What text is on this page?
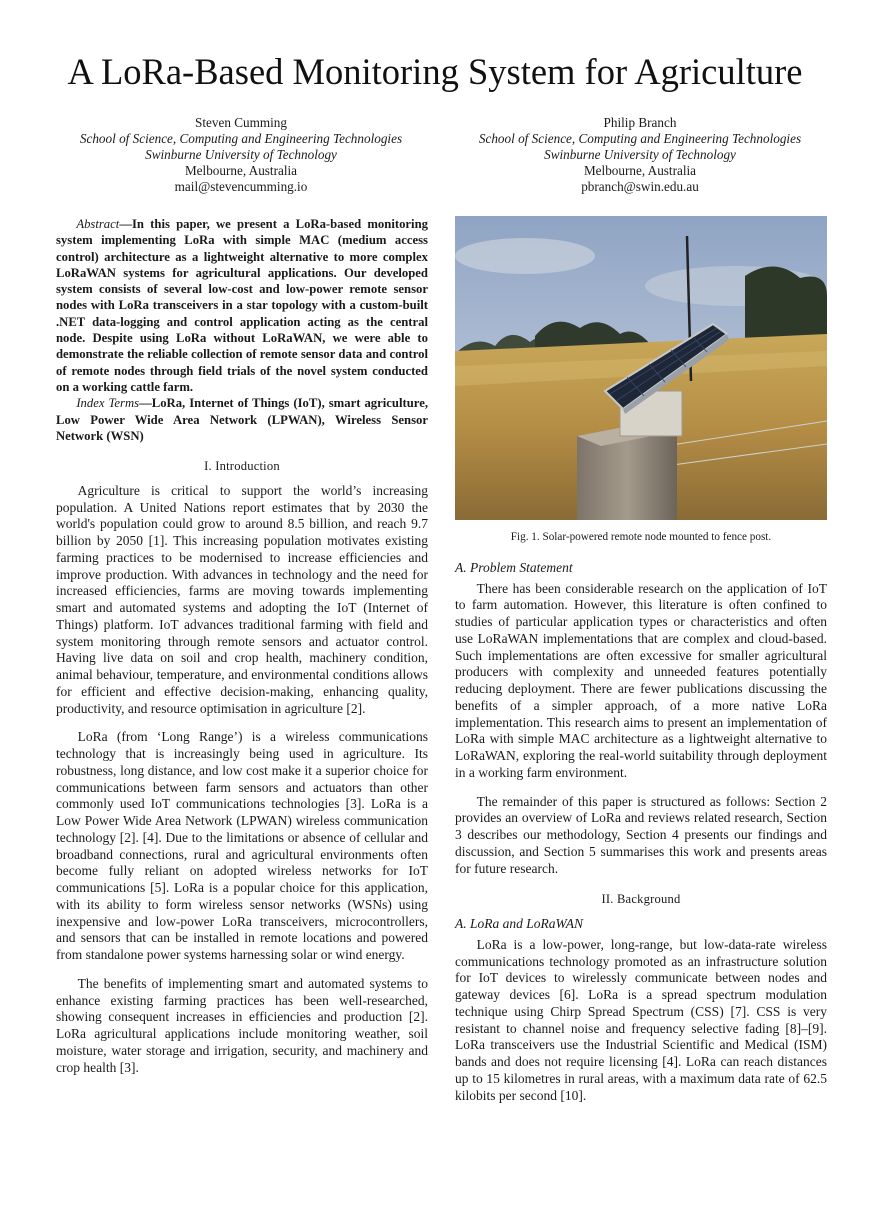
A LoRa-Based Monitoring System for Agriculture
Steven Cumming
School of Science, Computing and Engineering Technologies
Swinburne University of Technology
Melbourne, Australia
mail@stevencumming.io
Philip Branch
School of Science, Computing and Engineering Technologies
Swinburne University of Technology
Melbourne, Australia
pbranch@swin.edu.au

Abstract—In this paper, we present a LoRa-based monitoring system implementing LoRa with simple MAC (medium access control) architecture as a lightweight alternative to more complex LoRaWAN systems for agricultural applications. Our developed system consists of several low-cost and low-power remote sensor nodes with LoRa transceivers in a star topology with a custom-built .NET data-logging and control application acting as the central node. Despite using LoRa without LoRaWAN, we were able to demonstrate the reliable collection of remote sensor data and control of remote nodes through field trials of the novel system conducted on a working cattle farm.

Index Terms—LoRa, Internet of Things (IoT), smart agriculture, Low Power Wide Area Network (LPWAN), Wireless Sensor Network (WSN)

I. Introduction

Agriculture is critical to support the world’s increasing population. A United Nations report estimates that by 2030 the world's population could grow to around 8.5 billion, and reach 9.7 billion by 2050 [1]. This increasing population motivates existing farming practices to be modernised to increase efficiencies and improve production. With advances in technology and the need for increased efficiencies, farms are moving towards implementing smart and automated systems and adopting the IoT (Internet of Things) platform. IoT advances traditional farming with field and system monitoring through remote sensors and actuator control. Having live data on soil and crop health, machinery condition, animal behaviour, temperature, and environmental conditions allows for efficient and effective decision-making, enhancing quality, productivity, and resource optimisation in agriculture [2].

LoRa (from ‘Long Range’) is a wireless communications technology that is increasingly being used in agriculture. Its robustness, long distance, and low cost make it a superior choice for communications between farm sensors and actuators than other commonly used IoT communications technologies [3]. LoRa is a Low Power Wide Area Network (LPWAN) wireless communication technology [2]. [4]. Due to the limitations or absence of cellular and broadband connections, rural and agricultural environments often become fully reliant on adopted wireless networks for IoT communications [5]. LoRa is a popular choice for this application, with its ability to form wireless sensor networks (WSNs) using inexpensive and low-power LoRa transceivers, microcontrollers, and sensors that can be installed in remote locations and powered from standalone power systems harnessing solar or wind energy.

The benefits of implementing smart and automated systems to enhance existing farming practices has been well-researched, showing consequent increases in efficiencies and production [2]. LoRa agricultural applications include monitoring weather, soil moisture, water storage and irrigation, security, and machinery and crop health [3].

Fig. 1. Solar-powered remote node mounted to fence post.
A. Problem Statement

There has been considerable research on the application of IoT to farm automation. However, this literature is often confined to studies of particular application types or characteristics and often use LoRaWAN implementations that are complex and cloud-based. Such implementations are often excessive for smaller agricultural producers with complexity and unneeded features potentially reducing deployment. There are fewer publications discussing the benefits of a simpler approach, of a more native LoRa implementation. This research aims to present an implementation of LoRa with simple MAC architecture as a lightweight alternative to LoRaWAN, exploring the real-world suitability through deployment in a working farm environment.

The remainder of this paper is structured as follows: Section 2 provides an overview of LoRa and reviews related research, Section 3 describes our methodology, Section 4 presents our findings and discussion, and Section 5 summarises this work and presents areas for future research.

II. Background
A. LoRa and LoRaWAN

LoRa is a low-power, long-range, but low-data-rate wireless communications technology promoted as an infrastructure solution for IoT devices to wirelessly communicate between nodes and gateway devices [6]. LoRa is a spread spectrum modulation technique using Chirp Spread Spectrum (CSS) [7]. CSS is very resistant to channel noise and frequency selective fading [8]–[9]. LoRa transceivers use the Industrial Scientific and Medical (ISM) bands and does not require licensing [4]. LoRa can reach distances up to 15 kilometres in rural areas, with a maximum data rate of 62.5 kilobits per second [10].
